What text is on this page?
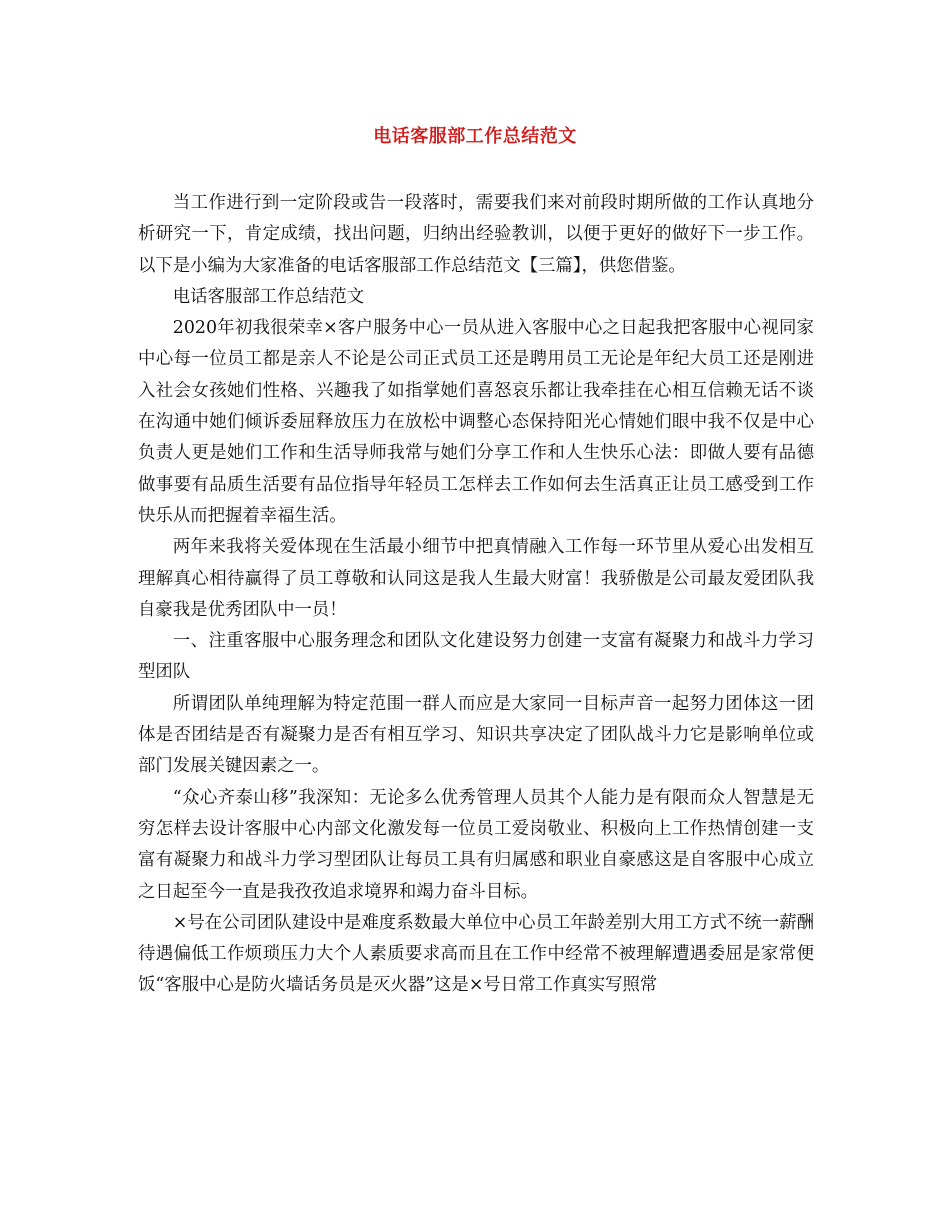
电话客服部工作总结范文

当工作进行到一定阶段或告一段落时，需要我们来对前段时期所做的工作认真地分析研究一下，肯定成绩，找出问题，归纳出经验教训，以便于更好的做好下一步工作。以下是小编为大家准备的电话客服部工作总结范文【三篇】，供您借鉴。

电话客服部工作总结范文

2020年初我很荣幸×客户服务中心一员从进入客服中心之日起我把客服中心视同家中心每一位员工都是亲人不论是公司正式员工还是聘用员工无论是年纪大员工还是刚进入社会女孩她们性格、兴趣我了如指掌她们喜怒哀乐都让我牵挂在心相互信赖无话不谈在沟通中她们倾诉委屈释放压力在放松中调整心态保持阳光心情她们眼中我不仅是中心负责人更是她们工作和生活导师我常与她们分享工作和人生快乐心法：即做人要有品德做事要有品质生活要有品位指导年轻员工怎样去工作如何去生活真正让员工感受到工作快乐从而把握着幸福生活。

两年来我将关爱体现在生活最小细节中把真情融入工作每一环节里从爱心出发相互理解真心相待赢得了员工尊敬和认同这是我人生最大财富！我骄傲是公司最友爱团队我自豪我是优秀团队中一员！

一、注重客服中心服务理念和团队文化建设努力创建一支富有凝聚力和战斗力学习型团队

所谓团队单纯理解为特定范围一群人而应是大家同一目标声音一起努力团体这一团体是否团结是否有凝聚力是否有相互学习、知识共享决定了团队战斗力它是影响单位或部门发展关键因素之一。

“众心齐泰山移”我深知：无论多么优秀管理人员其个人能力是有限而众人智慧是无穷怎样去设计客服中心内部文化激发每一位员工爱岗敬业、积极向上工作热情创建一支富有凝聚力和战斗力学习型团队让每员工具有归属感和职业自豪感这是自客服中心成立之日起至今一直是我孜孜追求境界和竭力奋斗目标。

×号在公司团队建设中是难度系数最大单位中心员工年龄差别大用工方式不统一薪酬待遇偏低工作烦琐压力大个人素质要求高而且在工作中经常不被理解遭遇委屈是家常便饭“客服中心是防火墙话务员是灭火器”这是×号日常工作真实写照常
